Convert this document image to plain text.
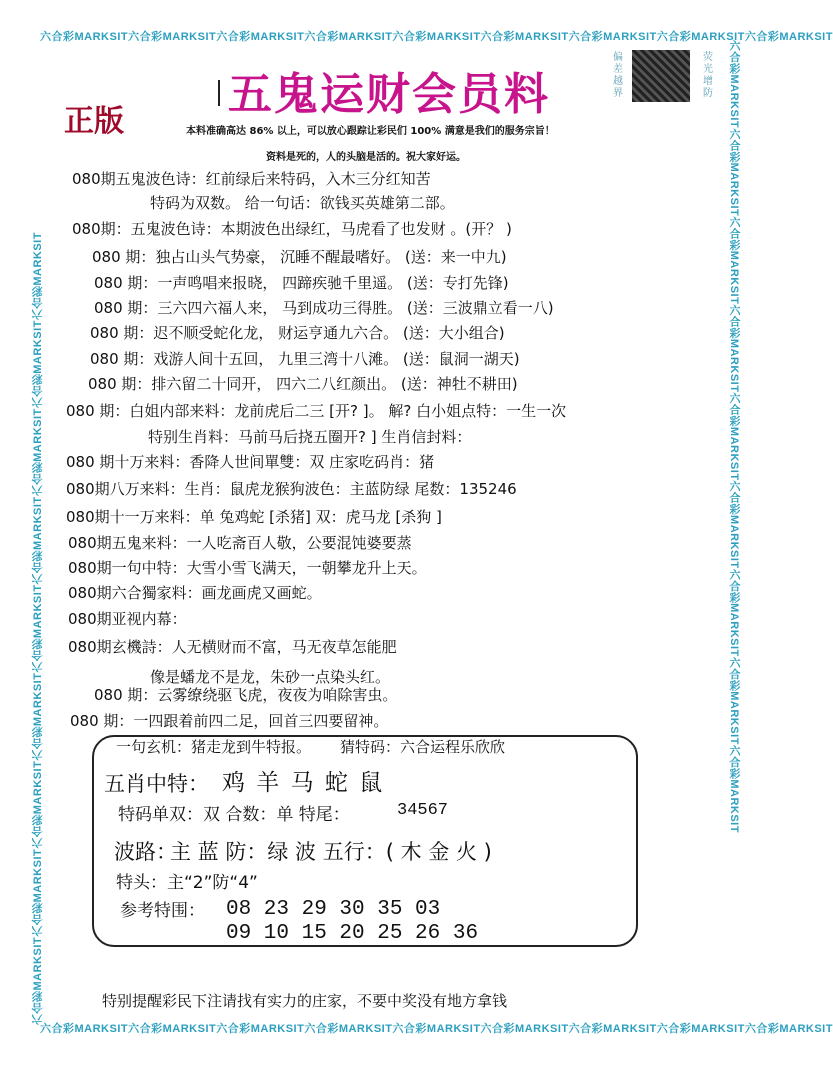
六合彩MARKSIT六合彩MARKSIT六合彩MARKSIT六合彩MARKSIT六合彩MARKSIT六合彩MARKSIT六合彩MARKSIT六合彩MARKSIT六合彩MARKSIT
六合彩MARKSIT六合彩MARKSIT六合彩MARKSIT六合彩MARKSIT六合彩MARKSIT六合彩MARKSIT六合彩MARKSIT六合彩MARKSIT六合彩MARKSIT
六合彩MARKSIT六合彩MARKSIT六合彩MARKSIT六合彩MARKSIT六合彩MARKSIT六合彩MARKSIT六合彩MARKSIT六合彩MARKSIT六合彩MARKSIT	六合彩MARKSIT六合彩MARKSIT六合彩MARKSIT六合彩MARKSIT六合彩MARKSIT六合彩MARKSIT六合彩MARKSIT六合彩MARKSIT六合彩MARKSIT
五鬼运财会员料
正版
偏差越界
荧光增防
本料准确高达 86% 以上，可以放心跟踪让彩民们 100% 满意是我们的服务宗旨！
资料是死的，人的头脑是活的。祝大家好运。
080期五鬼波色诗：红前绿后来特码，入木三分红知苦
特码为双数。 给一句话：欲钱买英雄第二部。
080期：五鬼波色诗：本期波色出绿红，马虎看了也发财 。(开？ )
080 期：独占山头气势豪， 沉睡不醒最嗜好。 (送：来一中九)
080 期：一声鸣唱来报晓， 四蹄疾驰千里遥。 (送：专打先锋)
080 期：三六四六福人来， 马到成功三得胜。 (送：三波鼎立看一八)
080 期：迟不顺受蛇化龙， 财运亨通九六合。 (送：大小组合)
080 期：戏游人间十五回， 九里三湾十八滩。 (送：鼠洞一湖天)
080 期：排六留二十同开， 四六二八红颜出。 (送：神牡不耕田)
080 期：白姐内部来料：龙前虎后二三 [开? ]。 解? 白小姐点特：一生一次
特别生肖料：马前马后挠五圈开? ] 生肖信封料：
080 期十万来料：香降人世间單雙：双 庄家吃码肖：猪
080期八万来料：生肖：鼠虎龙猴狗波色：主蓝防绿 尾数：135246
080期十一万来料：单 兔鸡蛇 [杀猪] 双：虎马龙 [杀狗 ]
080期五鬼来料：一人吃斋百人敬，公要混饨婆要蒸
080期一句中特：大雪小雪飞满天，一朝攀龙升上天。
080期六合獨家料：画龙画虎又画蛇。
080期亚视内幕：
080期玄機詩：人无横财而不富，马无夜草怎能肥
像是蟠龙不是龙，朱砂一点染头红。
080 期：云雾缭绕驱飞虎，夜夜为咱除害虫。
080 期：一四跟着前四二足，回首三四要留神。
一句玄机：猪走龙到牛特报。 猜特码：六合运程乐欣欣
五肖中特： 鸡 羊 马 蛇 鼠
特码单双：双 合数：单 特尾：	34567
波路：
主 蓝 防：绿 波 五行：( 木 金 火 )
特头：主“2”防“4”
参考特围： 08 23 29 30 35 03
09 10 15 20 25 26 36
特别提醒彩民下注请找有实力的庄家，不要中奖没有地方拿钱
